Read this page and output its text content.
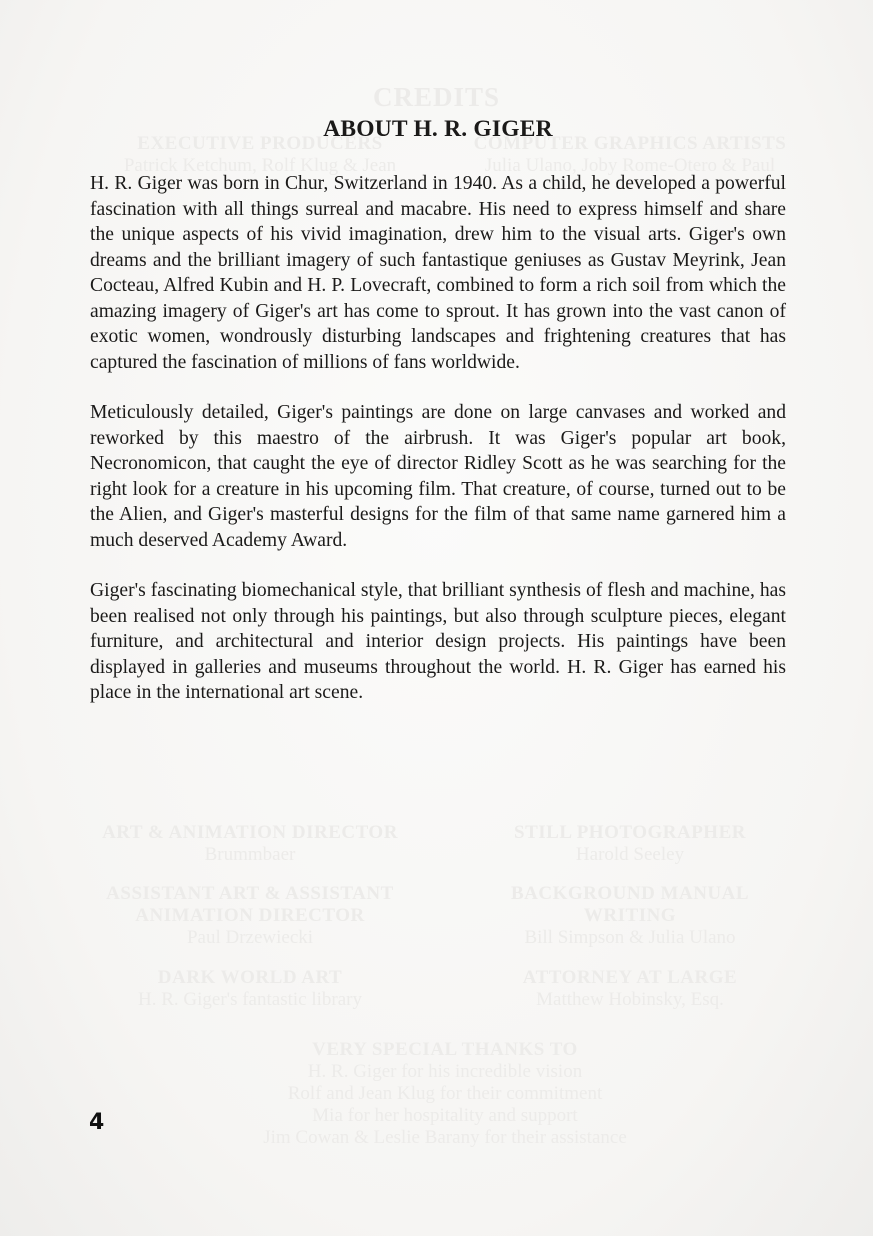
CREDITS
EXECUTIVE PRODUCERS
Patrick Ketchum, Rolf Klug & Jean
COMPUTER GRAPHICS ARTISTS
Julia Ulano, Joby Rome-Otero & Paul
ART & ANIMATION DIRECTOR
Brummbaer
STILL PHOTOGRAPHER
Harold Seeley
ASSISTANT ART & ASSISTANT ANIMATION DIRECTOR
Paul Drzewiecki
BACKGROUND MANUAL WRITING
Bill Simpson & Julia Ulano
DARK WORLD ART
H. R. Giger's fantastic library
ATTORNEY AT LARGE
Matthew Hobinsky, Esq.
VERY SPECIAL THANKS TO
H. R. Giger for his incredible vision
Rolf and Jean Klug for their commitment
Mia for her hospitality and support
Jim Cowan & Leslie Barany for their assistance
ABOUT H. R. GIGER

H. R. Giger was born in Chur, Switzerland in 1940. As a child, he developed a powerful fascination with all things surreal and macabre. His need to express himself and share the unique aspects of his vivid imagination, drew him to the visual arts. Giger's own dreams and the brilliant imagery of such fantastique geniuses as Gustav Meyrink, Jean Cocteau, Alfred Kubin and H. P. Lovecraft, combined to form a rich soil from which the amazing imagery of Giger's art has come to sprout. It has grown into the vast canon of exotic women, wondrously disturbing landscapes and frightening creatures that has captured the fascination of millions of fans worldwide.

Meticulously detailed, Giger's paintings are done on large canvases and worked and reworked by this maestro of the airbrush. It was Giger's popular art book, Necronomicon, that caught the eye of director Ridley Scott as he was searching for the right look for a creature in his upcoming film. That creature, of course, turned out to be the Alien, and Giger's masterful designs for the film of that same name garnered him a much deserved Academy Award.

Giger's fascinating biomechanical style, that brilliant synthesis of flesh and machine, has been realised not only through his paintings, but also through sculpture pieces, elegant furniture, and architectural and interior design projects. His paintings have been displayed in galleries and museums throughout the world. H. R. Giger has earned his place in the international art scene.

4
